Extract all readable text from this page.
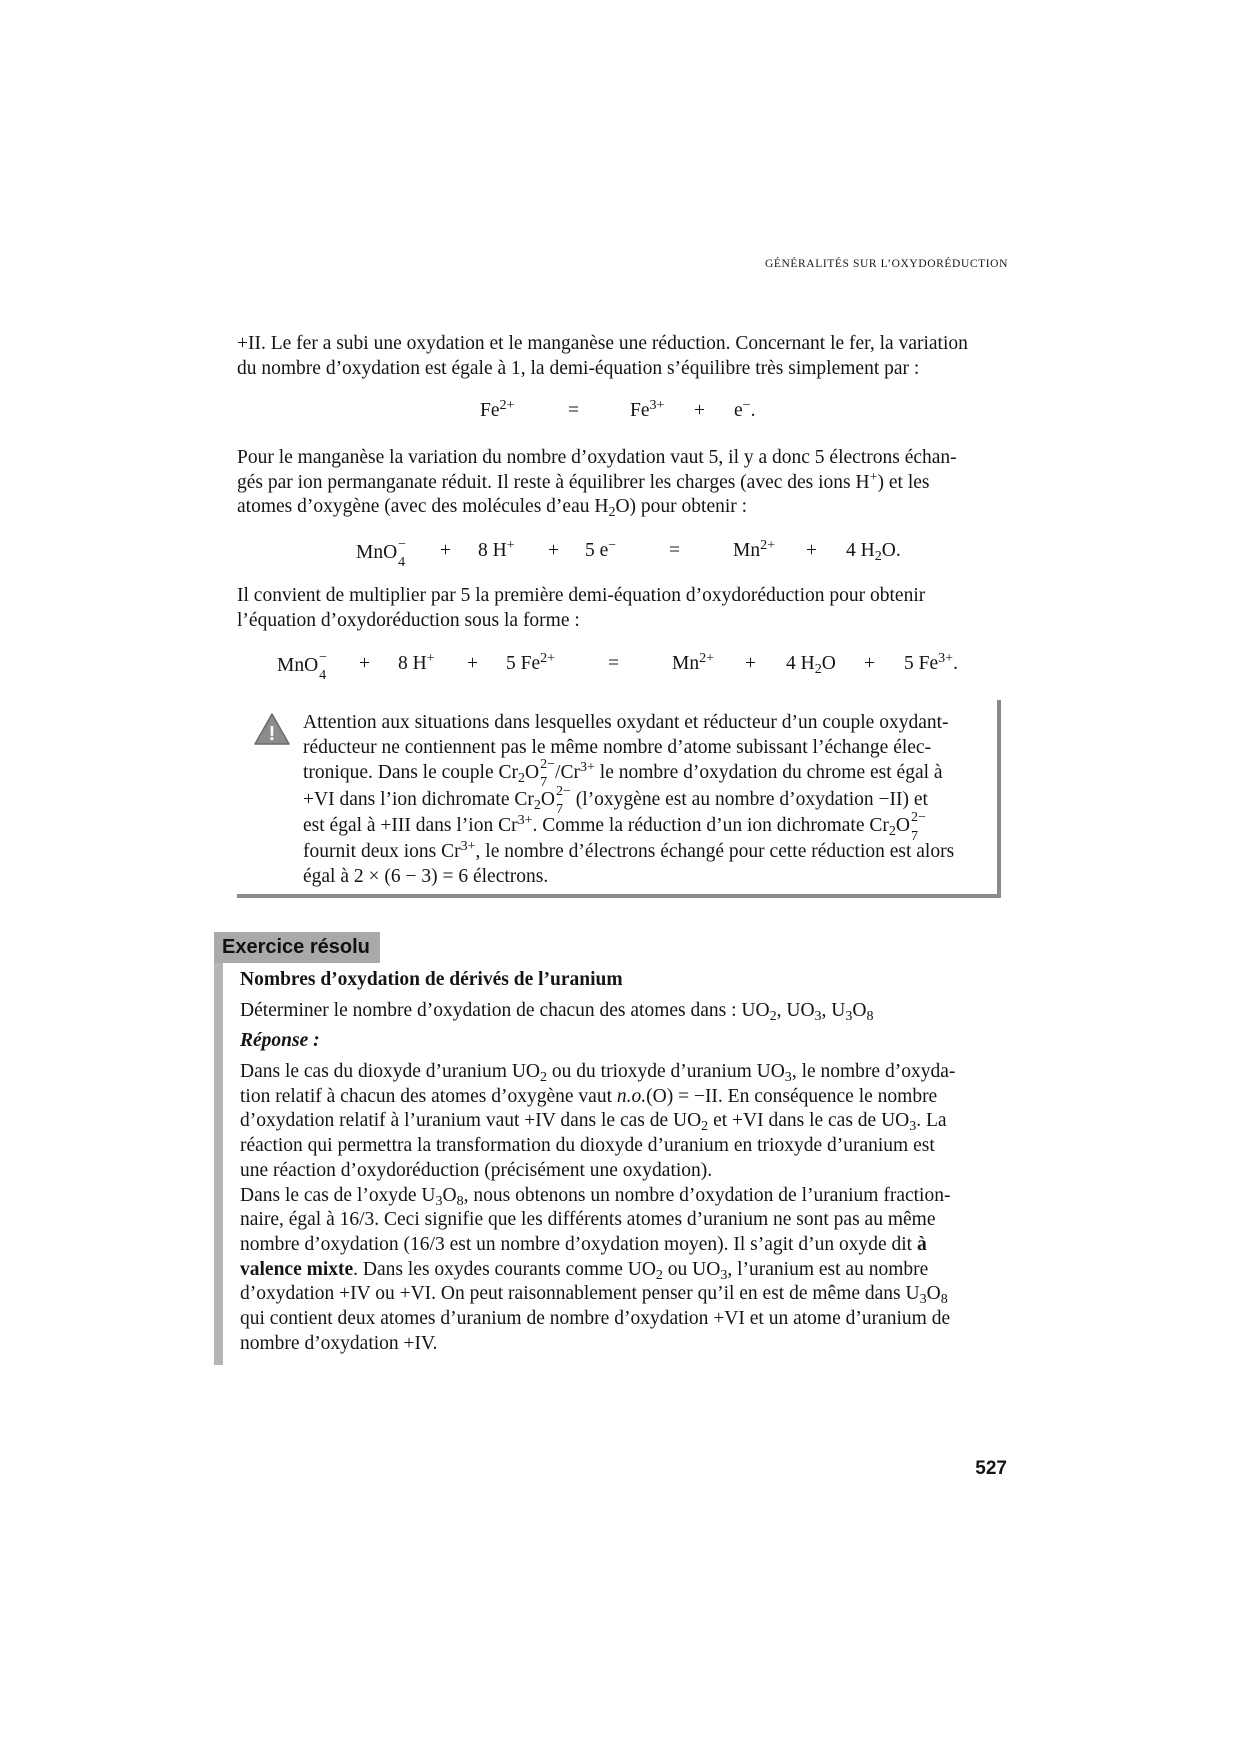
GÉNÉRALITÉS SUR L’OXYDORÉDUCTION

+II. Le fer a subi une oxydation et le manganèse une réduction. Concernant le fer, la variation
du nombre d’oxydation est égale à 1, la demi-équation s’équilibre très simplement par :

$Fe^{2+}$	=	$Fe^{3+} + e^-$.

Pour le manganèse la variation du nombre d’oxydation vaut 5, il y a donc 5 électrons échan-
gés par ion permanganate réduit. Il reste à équilibrer les charges (avec des ions H+) et les
atomes d’oxygène (avec des molécules d’eau $H_2O$) pour obtenir :

MnO −
4
+ 8 H+ + 5 e−	=	$Mn^{2+} + 4$ $H_2O$.

Il convient de multiplier par 5 la première demi-équation d’oxydoréduction pour obtenir
l’équation d’oxydoréduction sous la forme :

MnO −
4
+ 8 H+ + 5 $Fe^{2+}$	=	$Mn^{2+} + 4$ $H_2O + 5$ $Fe^{3+}$.
!

Attention aux situations dans lesquelles oxydant et réducteur d’un couple oxydant-
réducteur ne contiennent pas le même nombre d’atome subissant l’échange élec-
tronique. Dans le couple $Cr_2O$ 2−
7 $/Cr^{3+}$ le nombre d’oxydation du chrome est égal à
+VI dans l’ion dichromate $Cr_2O$ 2−
7 (l’oxygène est au nombre d’oxydation −II) et
est égal à +III dans l’ion $Cr^{3+}$. Comme la réduction d’un ion dichromate $Cr_2O$ 2−
7

fournit deux ions $Cr^{3+}$, le nombre d’électrons échangé pour cette réduction est alors
égal à 2 × (6 − 3) = 6 électrons.

Exercice résolu

Nombres d’oxydation de dérivés de l’uranium

Déterminer le nombre d’oxydation de chacun des atomes dans : $UO_2$, $UO_3$, $U_3O_8$

Réponse :

Dans le cas du dioxyde d’uranium $UO_2$ ou du trioxyde d’uranium $UO_3$, le nombre d’oxyda-
tion relatif à chacun des atomes d’oxygène vaut n.o.(O) = −II. En conséquence le nombre
d’oxydation relatif à l’uranium vaut +IV dans le cas de $UO_2$ et +VI dans le cas de $UO_3$. La
réaction qui permettra la transformation du dioxyde d’uranium en trioxyde d’uranium est
une réaction d’oxydoréduction (précisément une oxydation).
Dans le cas de l’oxyde $U_3O_8$, nous obtenons un nombre d’oxydation de l’uranium fraction-
naire, égal à 16/3. Ceci signifie que les différents atomes d’uranium ne sont pas au même
nombre d’oxydation (16/3 est un nombre d’oxydation moyen). Il s’agit d’un oxyde dit à
valence mixte. Dans les oxydes courants comme $UO_2$ ou $UO_3$, l’uranium est au nombre
d’oxydation +IV ou +VI. On peut raisonnablement penser qu’il en est de même dans $U_3O_8$
qui contient deux atomes d’uranium de nombre d’oxydation +VI et un atome d’uranium de
nombre d’oxydation +IV.

527
